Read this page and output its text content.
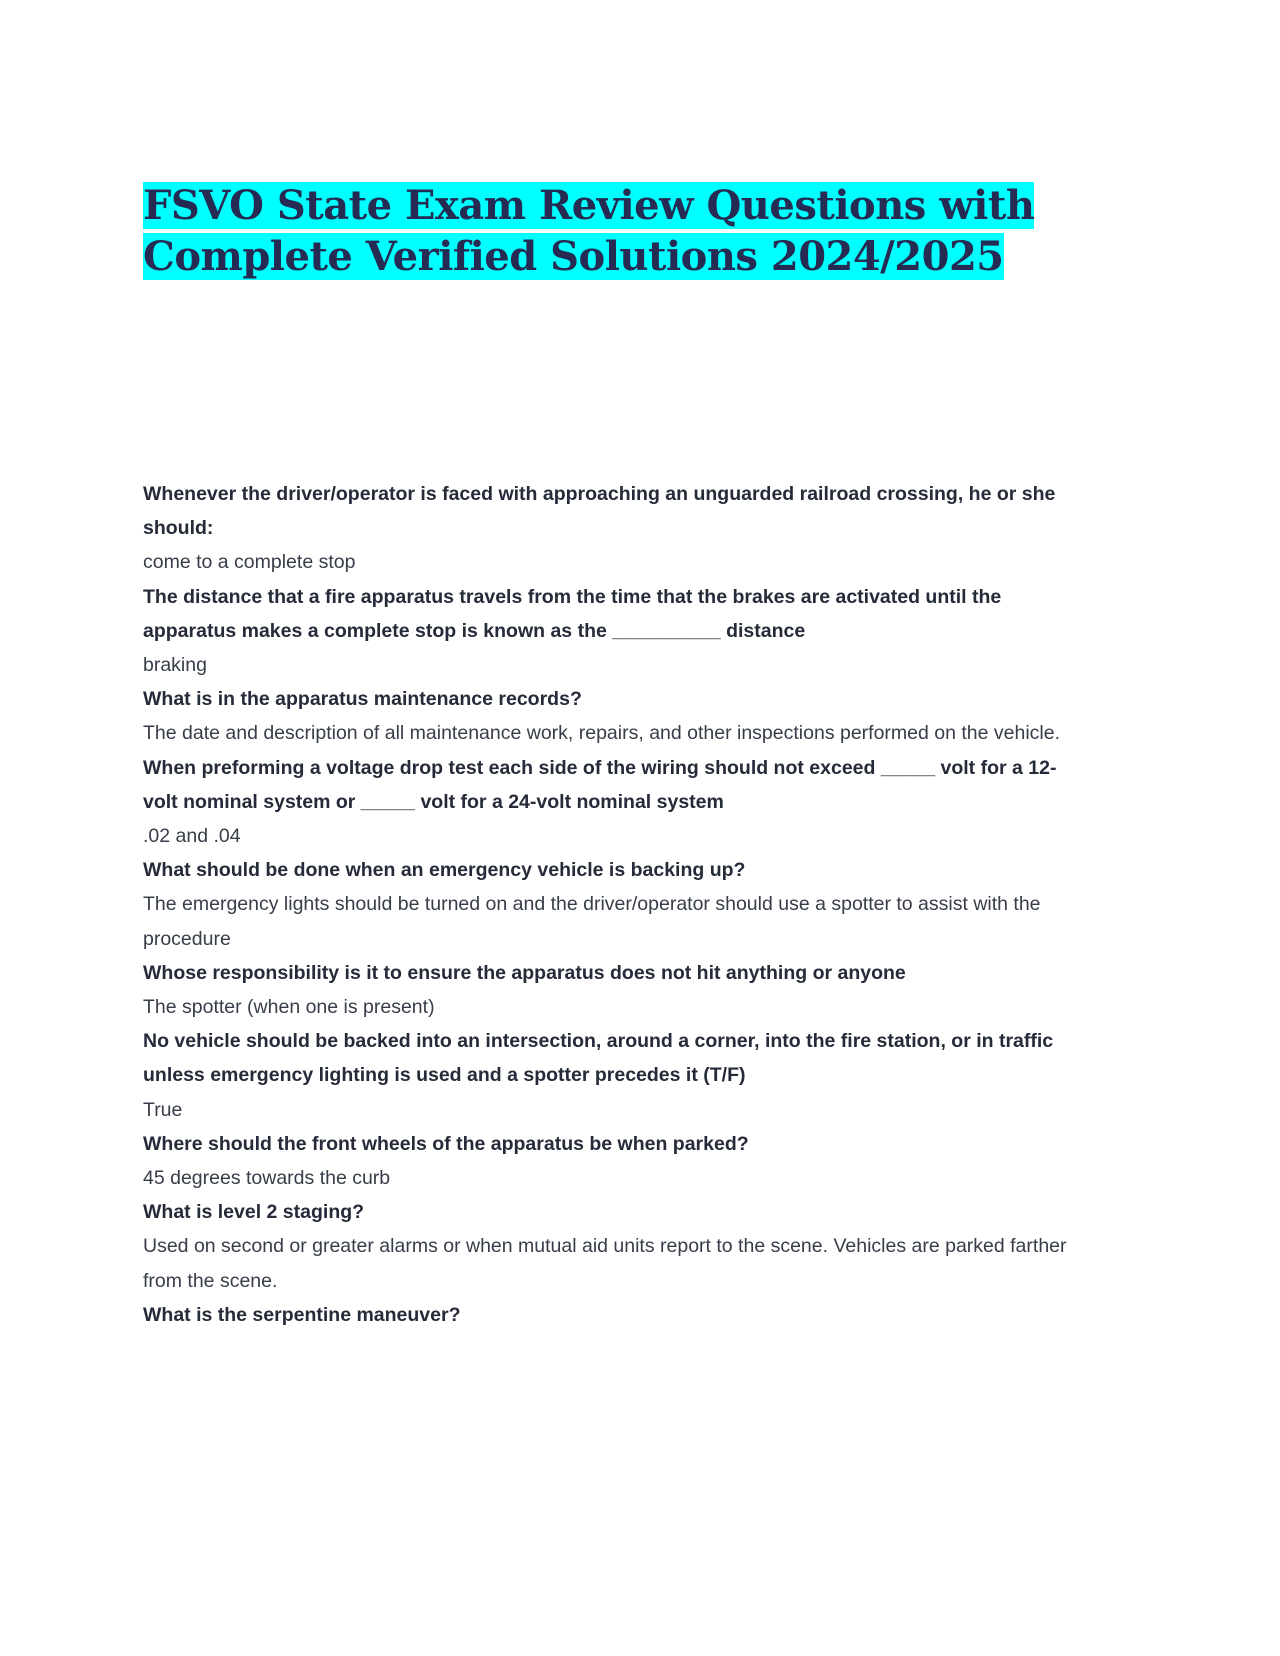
FSVO State Exam Review Questions with Complete Verified Solutions 2024/2025

Whenever the driver/operator is faced with approaching an unguarded railroad crossing, he or she should:

come to a complete stop

The distance that a fire apparatus travels from the time that the brakes are activated until the apparatus makes a complete stop is known as the __________ distance

braking

What is in the apparatus maintenance records?

The date and description of all maintenance work, repairs, and other inspections performed on the vehicle.

When preforming a voltage drop test each side of the wiring should not exceed _____ volt for a 12-volt nominal system or _____ volt for a 24-volt nominal system

.02 and .04

What should be done when an emergency vehicle is backing up?

The emergency lights should be turned on and the driver/operator should use a spotter to assist with the procedure

Whose responsibility is it to ensure the apparatus does not hit anything or anyone

The spotter (when one is present)

No vehicle should be backed into an intersection, around a corner, into the fire station, or in traffic unless emergency lighting is used and a spotter precedes it (T/F)

True

Where should the front wheels of the apparatus be when parked?

45 degrees towards the curb

What is level 2 staging?

Used on second or greater alarms or when mutual aid units report to the scene. Vehicles are parked farther from the scene.

What is the serpentine maneuver?
